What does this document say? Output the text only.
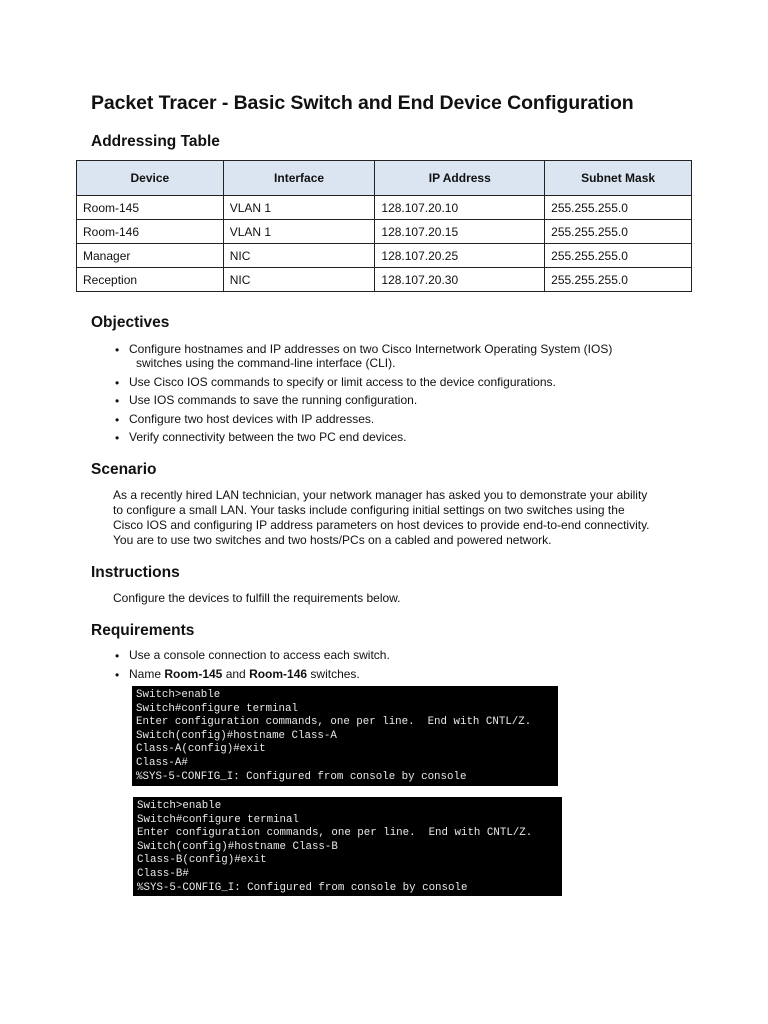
Packet Tracer - Basic Switch and End Device Configuration
Addressing Table
Device	Interface	IP Address	Subnet Mask
Room-145	VLAN 1	128.107.20.10	255.255.255.0
Room-146	VLAN 1	128.107.20.15	255.255.255.0
Manager	NIC	128.107.20.25	255.255.255.0
Reception	NIC	128.107.20.30	255.255.255.0
Objectives
• Configure hostnames and IP addresses on two Cisco Internetwork Operating System (IOS)
switches using the command-line interface (CLI).
• Use Cisco IOS commands to specify or limit access to the device configurations.
• Use IOS commands to save the running configuration.
• Configure two host devices with IP addresses.
• Verify connectivity between the two PC end devices.
Scenario
As a recently hired LAN technician, your network manager has asked you to demonstrate your ability
to configure a small LAN. Your tasks include configuring initial settings on two switches using the
Cisco IOS and configuring IP address parameters on host devices to provide end-to-end connectivity.
You are to use two switches and two hosts/PCs on a cabled and powered network.
Instructions

Configure the devices to fulfill the requirements below.

Requirements
• Use a console connection to access each switch.
• Name Room-145 and Room-146 switches.
Switch>enable
Switch#configure terminal
Enter configuration commands, one per line.  End with CNTL/Z.
Switch(config)#hostname Class-A
Class-A(config)#exit
Class-A#
%SYS-5-CONFIG_I: Configured from console by console
Switch>enable
Switch#configure terminal
Enter configuration commands, one per line.  End with CNTL/Z.
Switch(config)#hostname Class-B
Class-B(config)#exit
Class-B#
%SYS-5-CONFIG_I: Configured from console by console
